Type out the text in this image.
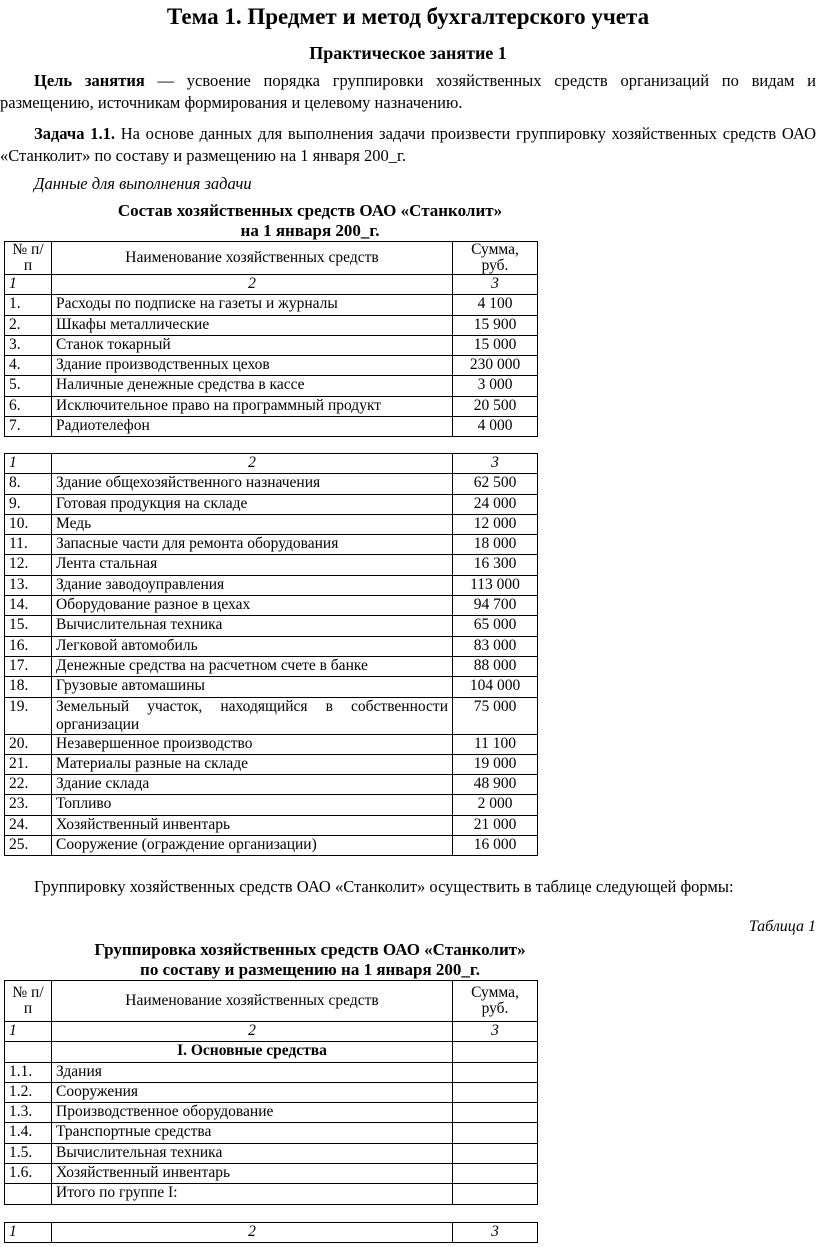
Тема 1. Предмет и метод бухгалтерского учета
Практическое занятие 1
Цель занятия — усвоение порядка группировки хозяйственных средств организаций по видам и размещению, источникам формирования и целевому назначению.
Задача 1.1. На основе данных для выполнения задачи произвести группировку хозяйственных средств ОАО «Станколит» по составу и размещению на 1 января 200_г.
Данные для выполнения задачи
Состав хозяйственных средств ОАО «Станколит»
на 1 января 200_г.
№ п/п	Наименование хозяйственных средств	Сумма, руб.
1	2	3
1.	Расходы по подписке на газеты и журналы	4 100
2.	Шкафы металлические	15 900
3.	Станок токарный	15 000
4.	Здание производственных цехов	230 000
5.	Наличные денежные средства в кассе	3 000
6.	Исключительное право на программный продукт	20 500
7.	Радиотелефон	4 000
1	2	3
8.	Здание общехозяйственного назначения	62 500
9.	Готовая продукция на складе	24 000
10.	Медь	12 000
11.	Запасные части для ремонта оборудования	18 000
12.	Лента стальная	16 300
13.	Здание заводоуправления	113 000
14.	Оборудование разное в цехах	94 700
15.	Вычислительная техника	65 000
16.	Легковой автомобиль	83 000
17.	Денежные средства на расчетном счете в банке	88 000
18.	Грузовые автомашины	104 000
19.	Земельный участок, находящийся в собственности организации	75 000
20.	Незавершенное производство	11 100
21.	Материалы разные на складе	19 000
22.	Здание склада	48 900
23.	Топливо	2 000
24.	Хозяйственный инвентарь	21 000
25.	Сооружение (ограждение организации)	16 000
Группировку хозяйственных средств ОАО «Станколит» осуществить в таблице следующей формы:
Таблица 1
Группировка хозяйственных средств ОАО «Станколит»
по составу и размещению на 1 января 200_г.
№ п/п	Наименование хозяйственных средств	Сумма, руб.
1	2	3
	I. Основные средства	
1.1.	Здания	
1.2.	Сооружения	
1.3.	Производственное оборудование	
1.4.	Транспортные средства	
1.5.	Вычислительная техника	
1.6.	Хозяйственный инвентарь	
	Итого по группе I:	
1	2	3
